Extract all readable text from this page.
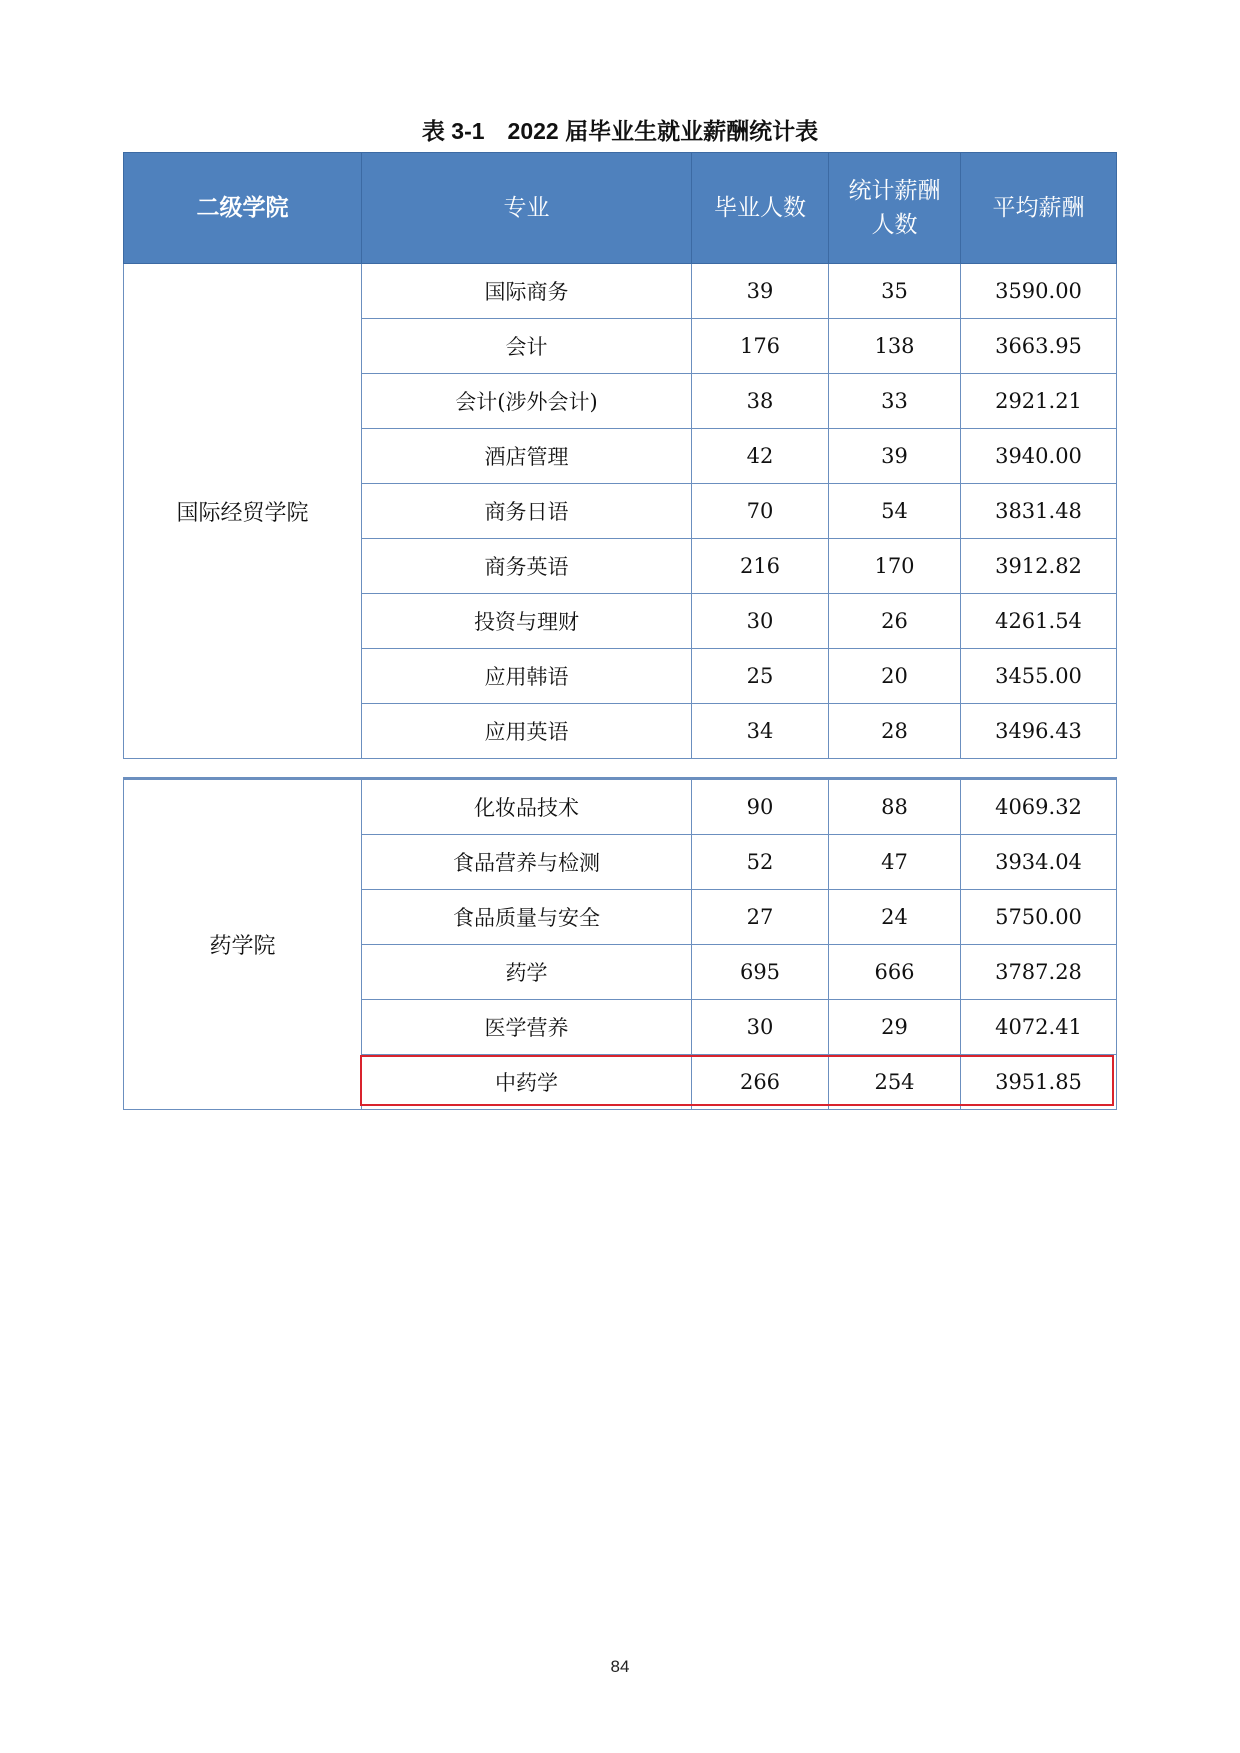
表 3-1　2022 届毕业生就业薪酬统计表
二级学院	专业	毕业人数	统计薪酬人数	平均薪酬
国际经贸学院	国际商务	39	35	3590.00
	会计	176	138	3663.95
	会计(涉外会计)	38	33	2921.21
	酒店管理	42	39	3940.00
	商务日语	70	54	3831.48
	商务英语	216	170	3912.82
	投资与理财	30	26	4261.54
	应用韩语	25	20	3455.00
	应用英语	34	28	3496.43
药学院	化妆品技术	90	88	4069.32
	食品营养与检测	52	47	3934.04
	食品质量与安全	27	24	5750.00
	药学	695	666	3787.28
	医学营养	30	29	4072.41
	中药学	266	254	3951.85
84
